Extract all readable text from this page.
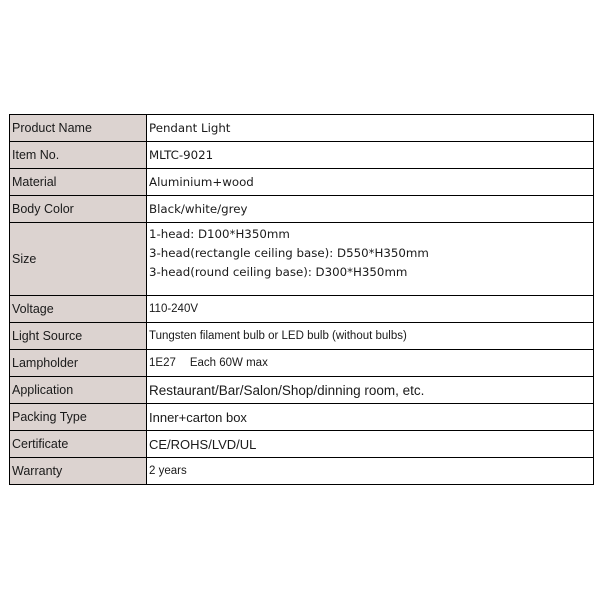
Product Name	Pendant Light
Item No.	MLTC-9021
Material	Aluminium+wood
Body Color	Black/white/grey
Size	1-head: D100*H350mm
3-head(rectangle ceiling base): D550*H350mm
3-head(round ceiling base): D300*H350mm

Voltage	110-240V
Light Source	Tungsten filament bulb or LED bulb (without bulbs)
Lampholder	1E27 Each 60W max
Application	Restaurant/Bar/Salon/Shop/dinning room, etc.
Packing Type	Inner+carton box
Certificate	CE/ROHS/LVD/UL
Warranty	2 years
